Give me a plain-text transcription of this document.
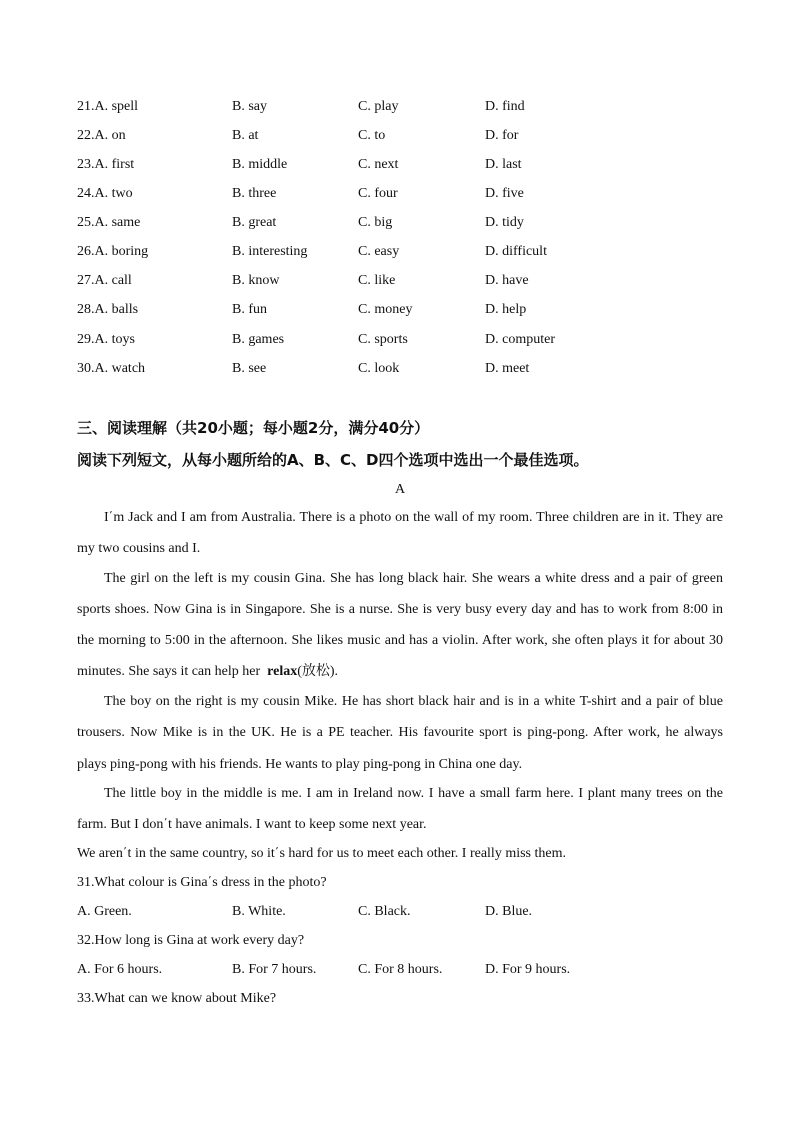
21.A. spell	B. say	C. play	D. find
22.A. on	B. at	C. to	D. for
23.A. first	B. middle	C. next	D. last
24.A. two	B. three	C. four	D. five
25.A. same	B. great	C. big	D. tidy
26.A. boring	B. interesting	C. easy	D. difficult
27.A. call	B. know	C. like	D. have
28.A. balls	B. fun	C. money	D. help
29.A. toys	B. games	C. sports	D. computer
30.A. watch	B. see	C. look	D. meet
三、阅读理解（共20小题；每小题2分，满分40分）
阅读下列短文，从每小题所给的A、B、C、D四个选项中选出一个最佳选项。
A
I΄m Jack and I am from Australia. There is a photo on the wall of my room. Three children are in it. They are
my two cousins and I.
The girl on the left is my cousin Gina. She has long black hair. She wears a white dress and a pair of green
sports shoes. Now Gina is in Singapore. She is a nurse. She is very busy every day and has to work from 8:00 in
the morning to 5:00 in the afternoon. She likes music and has a violin. After work, she often plays it for about 30
minutes. She says it can help her relax(放松).
The boy on the right is my cousin Mike. He has short black hair and is in a white T-shirt and a pair of blue
trousers. Now Mike is in the UK. He is a PE teacher. His favourite sport is ping-pong. After work, he always
plays ping-pong with his friends. He wants to play ping-pong in China one day.
The little boy in the middle is me. I am in Ireland now. I have a small farm here. I plant many trees on the
farm. But I don΄t have animals. I want to keep some next year.
We aren΄t in the same country, so it΄s hard for us to meet each other. I really miss them.
31.What colour is Gina΄s dress in the photo?
A. Green.	B. White.	C. Black.	D. Blue.
32.How long is Gina at work every day?
A. For 6 hours.	B. For 7 hours.	C. For 8 hours.	D. For 9 hours.
33.What can we know about Mike?
